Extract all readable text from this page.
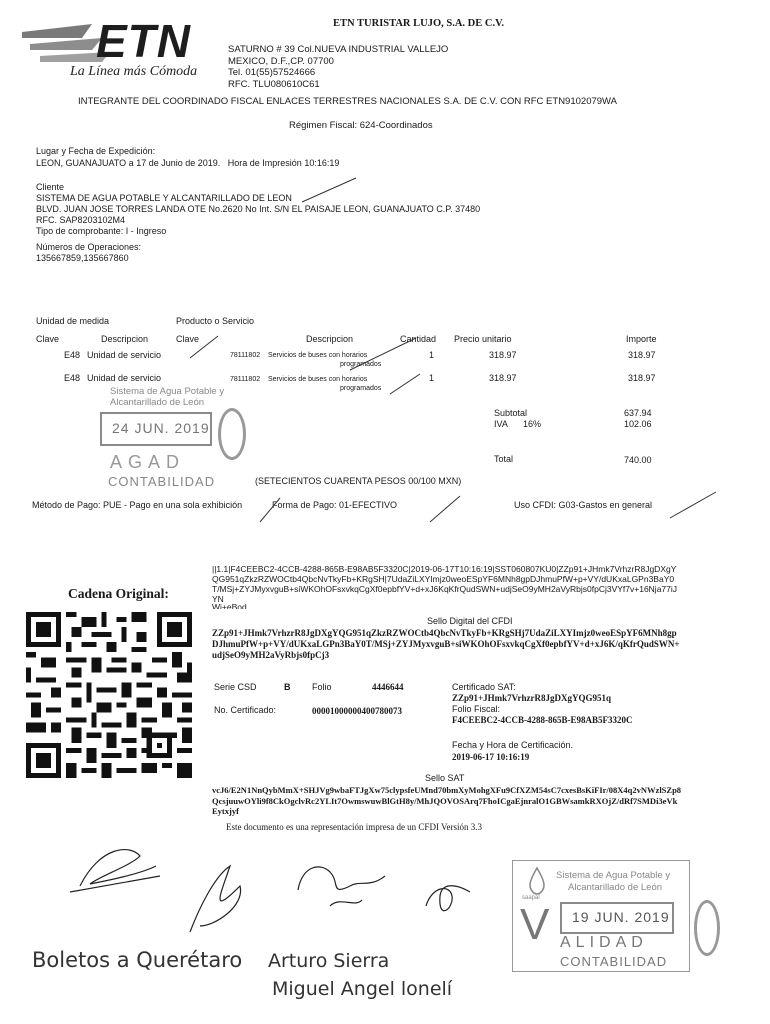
ETN
La Línea más Cómoda
ETN TURISTAR LUJO, S.A. DE C.V.
SATURNO # 39 Col.NUEVA INDUSTRIAL VALLEJO
MEXICO, D.F.,CP. 07700
Tel. 01(55)57524666
RFC. TLU080610C61
INTEGRANTE DEL COORDINADO FISCAL ENLACES TERRESTRES NACIONALES S.A. DE C.V. CON RFC ETN9102079WA
Régimen Fiscal: 624-Coordinados
Lugar y Fecha de Expedición:
LEON, GUANAJUATO a 17 de Junio de 2019. Hora de Impresión 10:16:19
Cliente
SISTEMA DE AGUA POTABLE Y ALCANTARILLADO DE LEON
BLVD. JUAN JOSE TORRES LANDA OTE No.2620 No Int. S/N EL PAISAJE LEON, GUANAJUATO C.P. 37480
RFC. SAP8203102M4
Tipo de comprobante: I - Ingreso
Números de Operaciones:
135667859,135667860
Unidad de medida	Producto o Servicio
Clave	Descripcion	Clave	Descripcion	Cantidad Precio unitario	Importe
E48 Unidad de servicio	78111802 Servicios de buses con horarios
programados
1	318.97	318.97
E48 Unidad de servicio	78111802 Servicios de buses con horarios
programados
1	318.97	318.97
Sistema de Agua Potable y
Alcantarillado de León
24 JUN. 2019
AGAD
CONTABILIDAD
Subtotal	637.94
IVA 16%	102.06
Total	740.00
(SETECIENTOS CUARENTA PESOS 00/100 MXN)
Método de Pago: PUE - Pago en una sola exhibición	Forma de Pago: 01-EFECTIVO	Uso CFDI: G03-Gastos en general
Cadena Original:
||1.1|F4CEEBC2-4CCB-4288-865B-E98AB5F3320C|2019-06-17T10:16:19|SST060807KU0|ZZp91+JHmk7VrhzrR8JgDXgYQG951qZkzRZWOCtb4QbcNvTkyFb+KRgSH|7UdaZiLXYImjz0weoESpYF6MNh8gpDJhmuPfW+p+VY/dUKxaLGPn3BaY0T/MSj+ZYJMyxvguB+siWKOhOFsxvkqCgXf0epbfYV+d+xJ6KqKfrQudSWN+udjSeO9yMH2aVyRbjs0fpCj3VYf7v+16Nja77iJYN
Wi+eBod
Sello Digital del CFDI
ZZp91+JHmk7VrhzrR8JgDXgYQG951qZkzRZWOCtb4QbcNvTkyFb+KRgSHj7UdaZiLXYImjz0weoESpYF6MNh8gpDJhmuPfW+p+VY/dUKxaLGPn3BaY0T/MSj+ZYJMyxvguB+siWKOhOFsxvkqCgXf0epbfYV+d+xJ6K/qKfrQudSWN+udjSeO9yMH2aVyRbjs0fpCj3
Serie CSD	B Folio	4446644
No. Certificado:	00001000000400780073
Certificado SAT:
ZZp91+JHmk7VrhzrR8JgDXgYQG951q
Folio Fiscal:
F4CEEBC2-4CCB-4288-865B-E98AB5F3320C
Fecha y Hora de Certificación.
2019-06-17 10:16:19
Sello SAT
vcJ6/E2N1NnQybMmX+SHJVg9wbaFTJgXw75clypsfeUMnd70bmXyMohgXFu9CfXZM54sC7cxesBsKiFIr/08X4q2vNWzlSZp8QcsjuuwOYli9f8CkOgclvRc2YLIt7OwmswuwBlGtH8y/MhJQOVOSArq7FhoICgaEjnralO1GBWsamkRXOjZ/dRf7SMDi3eVkEytxjyf
Este documento es una representación impresa de un CFDI Versión 3.3
Boletos a Querétaro Arturo Sierra
Miguel Angel lonelí
saapal
Sistema de Agua Potable y
Alcantarillado de León
19 JUN. 2019
V ALIDAD
CONTABILIDAD
